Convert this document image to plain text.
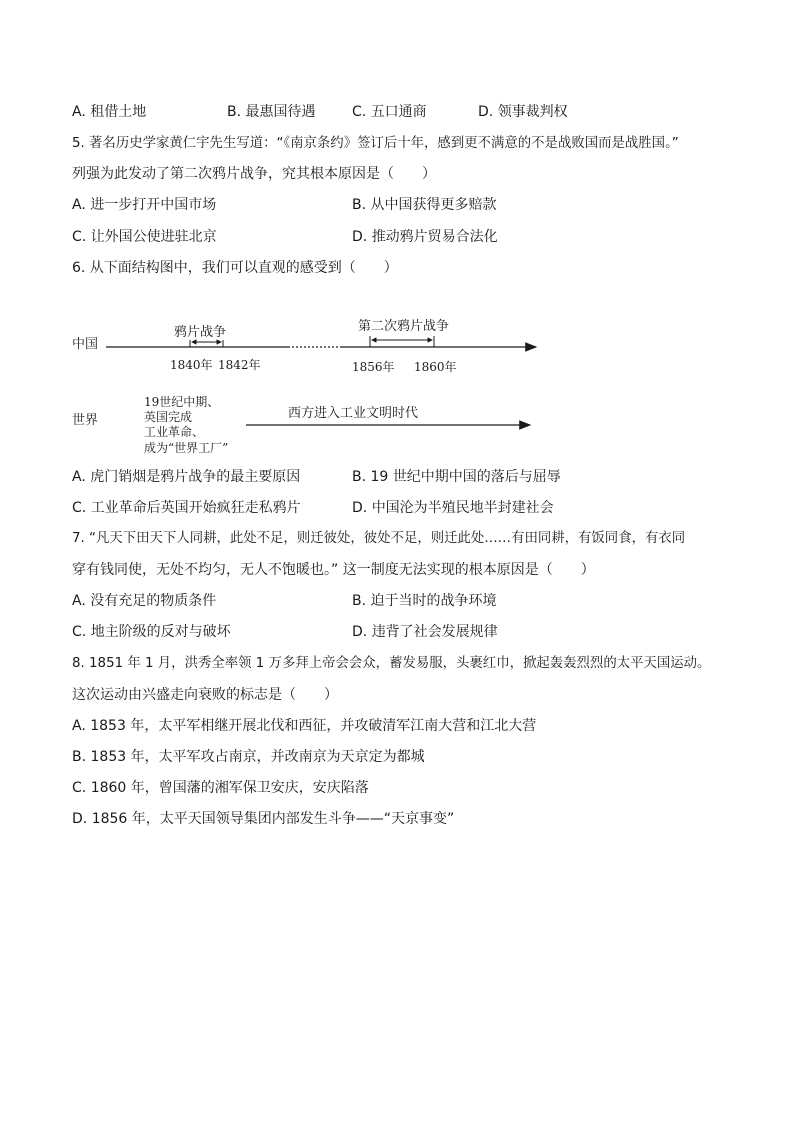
A. 租借土地	B. 最惠国待遇	C. 五口通商	D. 领事裁判权
5. 著名历史学家黄仁宇先生写道：“《南京条约》签订后十年，感到更不满意的不是战败国而是战胜国。”
列强为此发动了第二次鸦片战争，究其根本原因是（　　）
A. 进一步打开中国市场	B. 从中国获得更多赔款
C. 让外国公使进驻北京	D. 推动鸦片贸易合法化
6. 从下面结构图中，我们可以直观的感受到（　　）
中国
鸦片战争
1840年 1842年
第二次鸦片战争
1856年 1860年
世界
19世纪中期、
英国完成
工业革命、
成为“世界工厂”
西方进入工业文明时代
A. 虎门销烟是鸦片战争的最主要原因	B. 19 世纪中期中国的落后与屈辱
C. 工业革命后英国开始疯狂走私鸦片	D. 中国沦为半殖民地半封建社会
7. “凡天下田天下人同耕，此处不足，则迁彼处，彼处不足，则迁此处……有田同耕，有饭同食，有衣同
穿有钱同使，无处不均匀，无人不饱暖也。” 这一制度无法实现的根本原因是（　　）
A. 没有充足的物质条件	B. 迫于当时的战争环境
C. 地主阶级的反对与破坏	D. 违背了社会发展规律
8. 1851 年 1 月，洪秀全率领 1 万多拜上帝会会众，蓄发易服，头裹红巾，掀起轰轰烈烈的太平天国运动。
这次运动由兴盛走向衰败的标志是（　　）
A. 1853 年，太平军相继开展北伐和西征，并攻破清军江南大营和江北大营
B. 1853 年，太平军攻占南京，并改南京为天京定为都城
C. 1860 年，曾国藩的湘军保卫安庆，安庆陷落
D. 1856 年，太平天国领导集团内部发生斗争——“天京事变”
